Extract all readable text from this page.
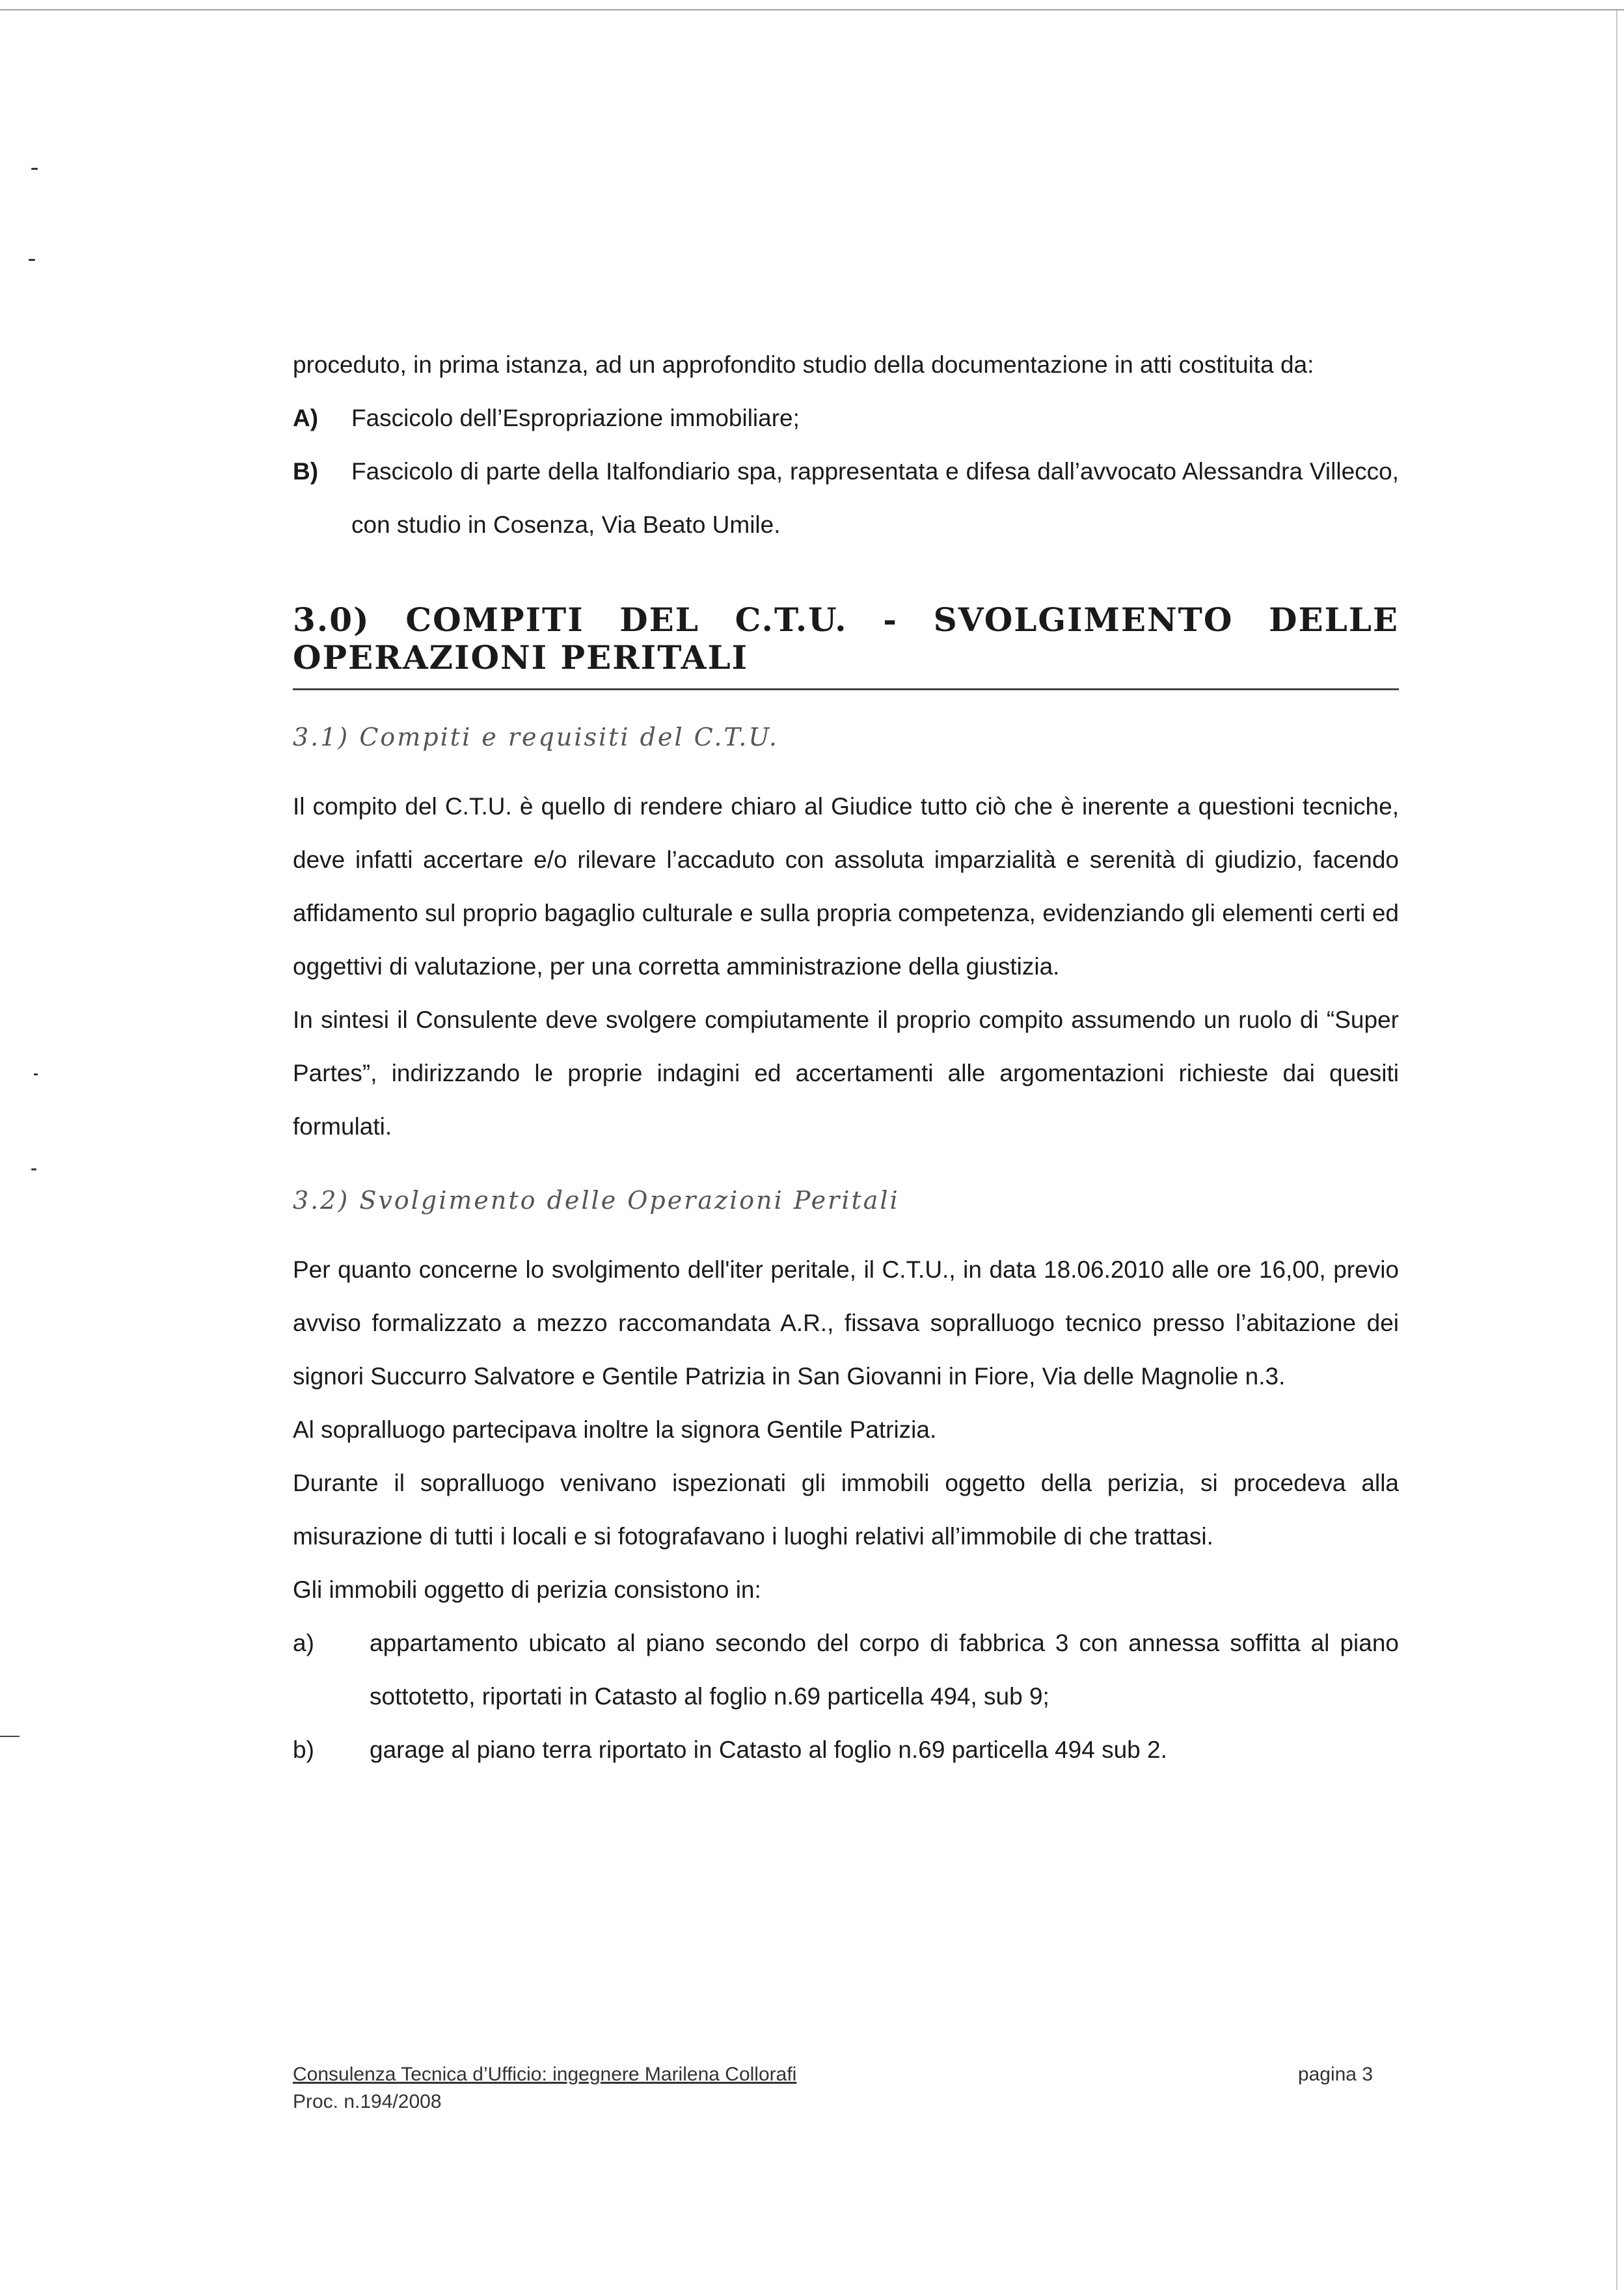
proceduto, in prima istanza, ad un approfondito studio della documentazione in atti costituita da:

A)	Fascicolo dell’Espropriazione immobiliare;
B)	Fascicolo di parte della Italfondiario spa, rappresentata e difesa dall’avvocato Alessandra Villecco, con studio in Cosenza, Via Beato Umile.
3.0) COMPITI DEL C.T.U. - SVOLGIMENTO DELLE OPERAZIONI PERITALI
3.1) Compiti e requisiti del C.T.U.

Il compito del C.T.U. è quello di rendere chiaro al Giudice tutto ciò che è inerente a questioni tecniche, deve infatti accertare e/o rilevare l’accaduto con assoluta imparzialità e serenità di giudizio, facendo affidamento sul proprio bagaglio culturale e sulla propria competenza, evidenziando gli elementi certi ed oggettivi di valutazione, per una corretta amministrazione della giustizia.

In sintesi il Consulente deve svolgere compiutamente il proprio compito assumendo un ruolo di “Super Partes”, indirizzando le proprie indagini ed accertamenti alle argomentazioni richieste dai quesiti formulati.

3.2) Svolgimento delle Operazioni Peritali

Per quanto concerne lo svolgimento dell'iter peritale, il C.T.U., in data 18.06.2010 alle ore 16,00, previo avviso formalizzato a mezzo raccomandata A.R., fissava sopralluogo tecnico presso l’abitazione dei signori Succurro Salvatore e Gentile Patrizia in San Giovanni in Fiore, Via delle Magnolie n.3.

Al sopralluogo partecipava inoltre la signora Gentile Patrizia.

Durante il sopralluogo venivano ispezionati gli immobili oggetto della perizia, si procedeva alla misurazione di tutti i locali e si fotografavano i luoghi relativi all’immobile di che trattasi.

Gli immobili oggetto di perizia consistono in:

a)	appartamento ubicato al piano secondo del corpo di fabbrica 3 con annessa soffitta al piano sottotetto, riportati in Catasto al foglio n.69 particella 494, sub 9;
b)	garage al piano terra riportato in Catasto al foglio n.69 particella 494 sub 2.
Consulenza Tecnica d’Ufficio: ingegnere Marilena Collorafi
Proc. n.194/2008
pagina 3
